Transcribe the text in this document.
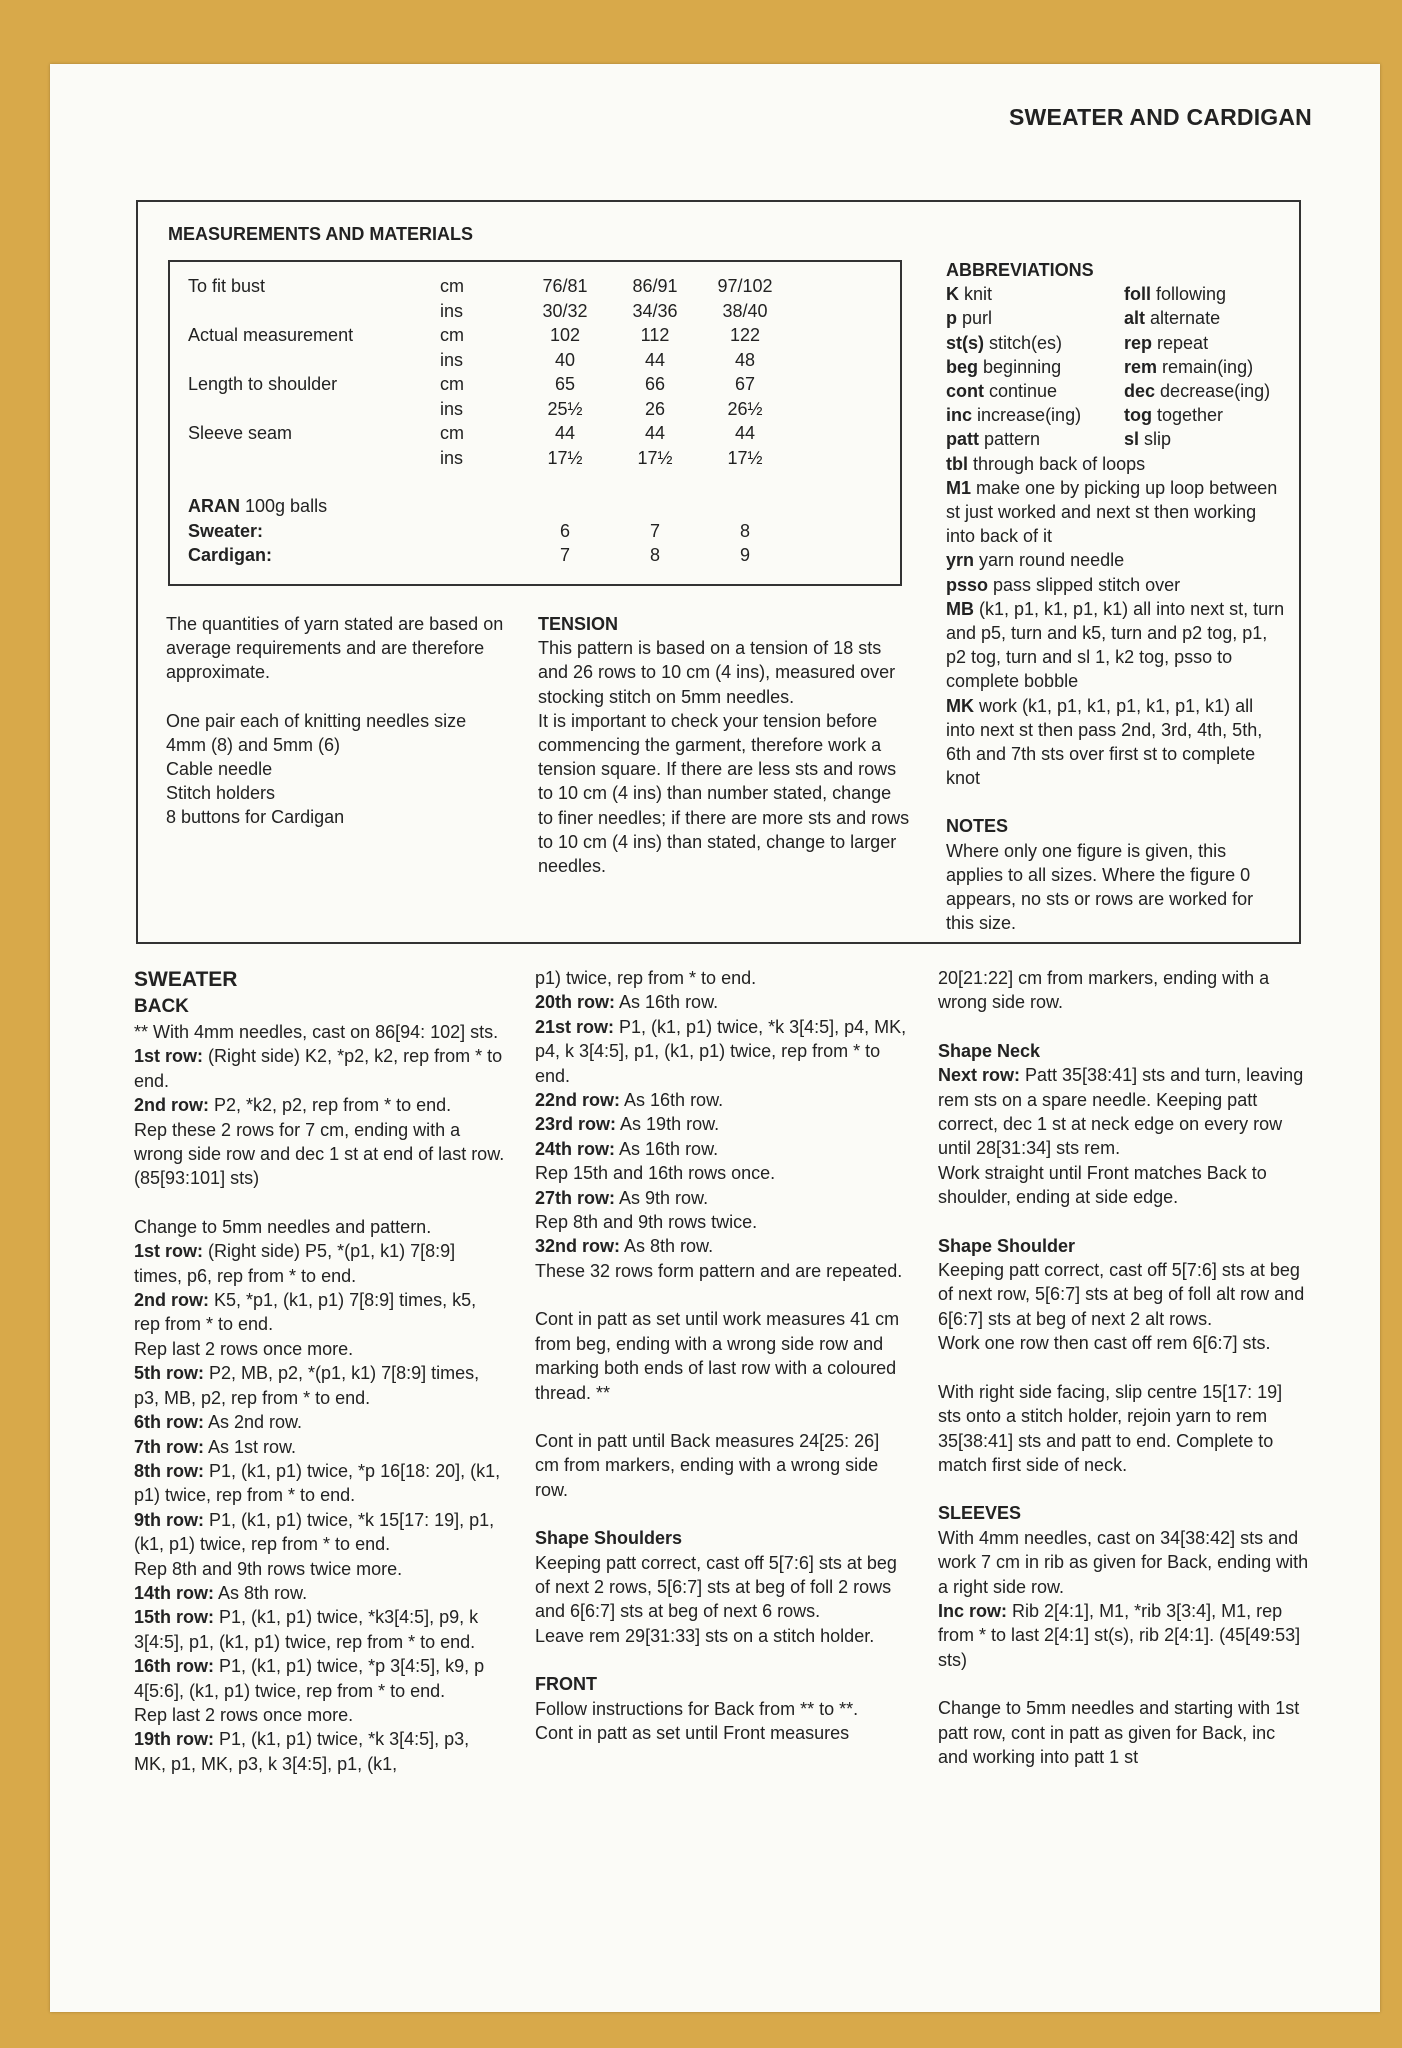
SWEATER AND CARDIGAN
MEASUREMENTS AND MATERIALS
To fit bust	cm	76/81	86/91	97/102
	ins	30/32	34/36	38/40
Actual measurement	cm	102	112	122
	ins	40	44	48
Length to shoulder	cm	65	66	67
	ins	25½	26	26½
Sleeve seam	cm	44	44	44
	ins	17½	17½	17½

ARAN 100g balls				
Sweater:		6	7	8
Cardigan:		7	8	9

The quantities of yarn stated are based on average requirements and are therefore approximate.

One pair each of knitting needles size 4mm (8) and 5mm (6)

Cable needle

Stitch holders

8 buttons for Cardigan

TENSION

This pattern is based on a tension of 18 sts and 26 rows to 10 cm (4 ins), measured over stocking stitch on 5mm needles.

It is important to check your tension before commencing the garment, therefore work a tension square. If there are less sts and rows to 10 cm (4 ins) than number stated, change to finer needles; if there are more sts and rows to 10 cm (4 ins) than stated, change to larger needles.

ABBREVIATIONS

K knit	foll following
p purl	alt alternate
st(s) stitch(es)	rep repeat
beg beginning	rem remain(ing)
cont continue	dec decrease(ing)
inc increase(ing)	tog together
patt pattern	sl slip
tbl through back of loops
M1 make one by picking up loop between st just worked and next st then working into back of it
yrn yarn round needle
psso pass slipped stitch over
MB (k1, p1, k1, p1, k1) all into next st, turn and p5, turn and k5, turn and p2 tog, p1, p2 tog, turn and sl 1, k2 tog, psso to complete bobble
MK work (k1, p1, k1, p1, k1, p1, k1) all into next st then pass 2nd, 3rd, 4th, 5th, 6th and 7th sts over first st to complete knot

NOTES

Where only one figure is given, this applies to all sizes. Where the figure 0 appears, no sts or rows are worked for this size.

SWEATER
BACK

** With 4mm needles, cast on 86[94: 102] sts.

1st row: (Right side) K2, *p2, k2, rep from * to end.

2nd row: P2, *k2, p2, rep from * to end.

Rep these 2 rows for 7 cm, ending with a wrong side row and dec 1 st at end of last row. (85[93:101] sts)

Change to 5mm needles and pattern.

1st row: (Right side) P5, *(p1, k1) 7[8:9] times, p6, rep from * to end.

2nd row: K5, *p1, (k1, p1) 7[8:9] times, k5, rep from * to end.

Rep last 2 rows once more.

5th row: P2, MB, p2, *(p1, k1) 7[8:9] times, p3, MB, p2, rep from * to end.

6th row: As 2nd row.

7th row: As 1st row.

8th row: P1, (k1, p1) twice, *p 16[18: 20], (k1, p1) twice, rep from * to end.

9th row: P1, (k1, p1) twice, *k 15[17: 19], p1, (k1, p1) twice, rep from * to end.

Rep 8th and 9th rows twice more.

14th row: As 8th row.

15th row: P1, (k1, p1) twice, *k3[4:5], p9, k 3[4:5], p1, (k1, p1) twice, rep from * to end.

16th row: P1, (k1, p1) twice, *p 3[4:5], k9, p 4[5:6], (k1, p1) twice, rep from * to end.

Rep last 2 rows once more.

19th row: P1, (k1, p1) twice, *k 3[4:5], p3, MK, p1, MK, p3, k 3[4:5], p1, (k1,

p1) twice, rep from * to end.

20th row: As 16th row.

21st row: P1, (k1, p1) twice, *k 3[4:5], p4, MK, p4, k 3[4:5], p1, (k1, p1) twice, rep from * to end.

22nd row: As 16th row.

23rd row: As 19th row.

24th row: As 16th row.

Rep 15th and 16th rows once.

27th row: As 9th row.

Rep 8th and 9th rows twice.

32nd row: As 8th row.

These 32 rows form pattern and are repeated.

Cont in patt as set until work measures 41 cm from beg, ending with a wrong side row and marking both ends of last row with a coloured thread. **

Cont in patt until Back measures 24[25: 26] cm from markers, ending with a wrong side row.

Shape Shoulders

Keeping patt correct, cast off 5[7:6] sts at beg of next 2 rows, 5[6:7] sts at beg of foll 2 rows and 6[6:7] sts at beg of next 6 rows.

Leave rem 29[31:33] sts on a stitch holder.

FRONT

Follow instructions for Back from ** to **.

Cont in patt as set until Front measures

20[21:22] cm from markers, ending with a wrong side row.

Shape Neck

Next row: Patt 35[38:41] sts and turn, leaving rem sts on a spare needle. Keeping patt correct, dec 1 st at neck edge on every row until 28[31:34] sts rem.

Work straight until Front matches Back to shoulder, ending at side edge.

Shape Shoulder

Keeping patt correct, cast off 5[7:6] sts at beg of next row, 5[6:7] sts at beg of foll alt row and 6[6:7] sts at beg of next 2 alt rows.

Work one row then cast off rem 6[6:7] sts.

With right side facing, slip centre 15[17: 19] sts onto a stitch holder, rejoin yarn to rem 35[38:41] sts and patt to end. Complete to match first side of neck.

SLEEVES

With 4mm needles, cast on 34[38:42] sts and work 7 cm in rib as given for Back, ending with a right side row.

Inc row: Rib 2[4:1], M1, *rib 3[3:4], M1, rep from * to last 2[4:1] st(s), rib 2[4:1]. (45[49:53] sts)

Change to 5mm needles and starting with 1st patt row, cont in patt as given for Back, inc and working into patt 1 st
